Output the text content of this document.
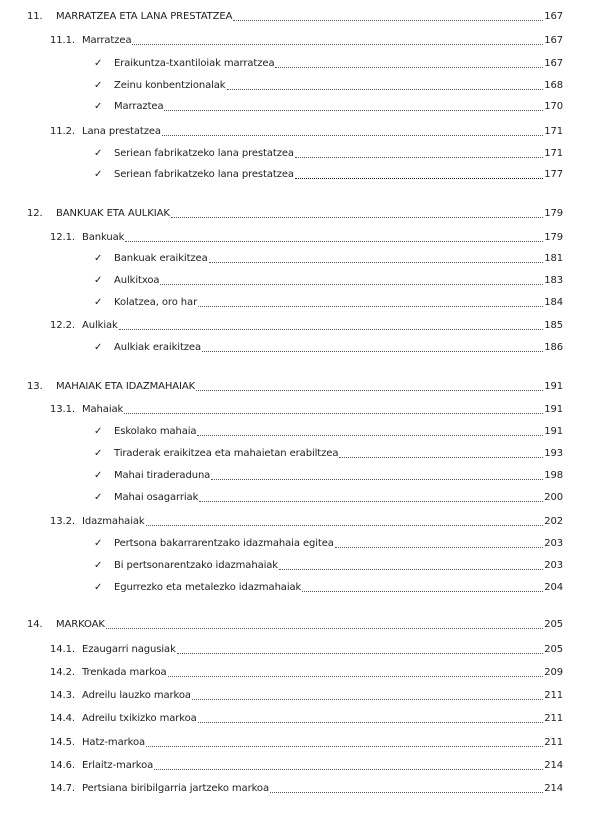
11.	MARRATZEA ETA LANA PRESTATZEA	167
11.1. Marratzea	167
✓	Eraikuntza-txantiloiak marratzea	167
✓	Zeinu konbentzionalak	168
✓	Marraztea	170
11.2. Lana prestatzea	171
✓	Seriean fabrikatzeko lana prestatzea	171
✓	Seriean fabrikatzeko lana prestatzea	177
12.	BANKUAK ETA AULKIAK	179
12.1. Bankuak	179
✓	Bankuak eraikitzea	181
✓	Aulkitxoa	183
✓	Kolatzea, oro har	184
12.2. Aulkiak	185
✓	Aulkiak eraikitzea	186
13.	MAHAIAK ETA IDAZMAHAIAK	191
13.1. Mahaiak	191
✓	Eskolako mahaia	191
✓	Tiraderak eraikitzea eta mahaietan erabiltzea	193
✓	Mahai tiraderaduna	198
✓	Mahai osagarriak	200
13.2. Idazmahaiak	202
✓	Pertsona bakarrarentzako idazmahaia egitea	203
✓	Bi pertsonarentzako idazmahaiak	203
✓	Egurrezko eta metalezko idazmahaiak	204
14.	MARKOAK	205
14.1. Ezaugarri nagusiak	205
14.2. Trenkada markoa	209
14.3. Adreilu lauzko markoa	211
14.4. Adreilu txikizko markoa	211
14.5. Hatz-markoa	211
14.6. Erlaitz-markoa	214
14.7. Pertsiana biribilgarria jartzeko markoa	214
